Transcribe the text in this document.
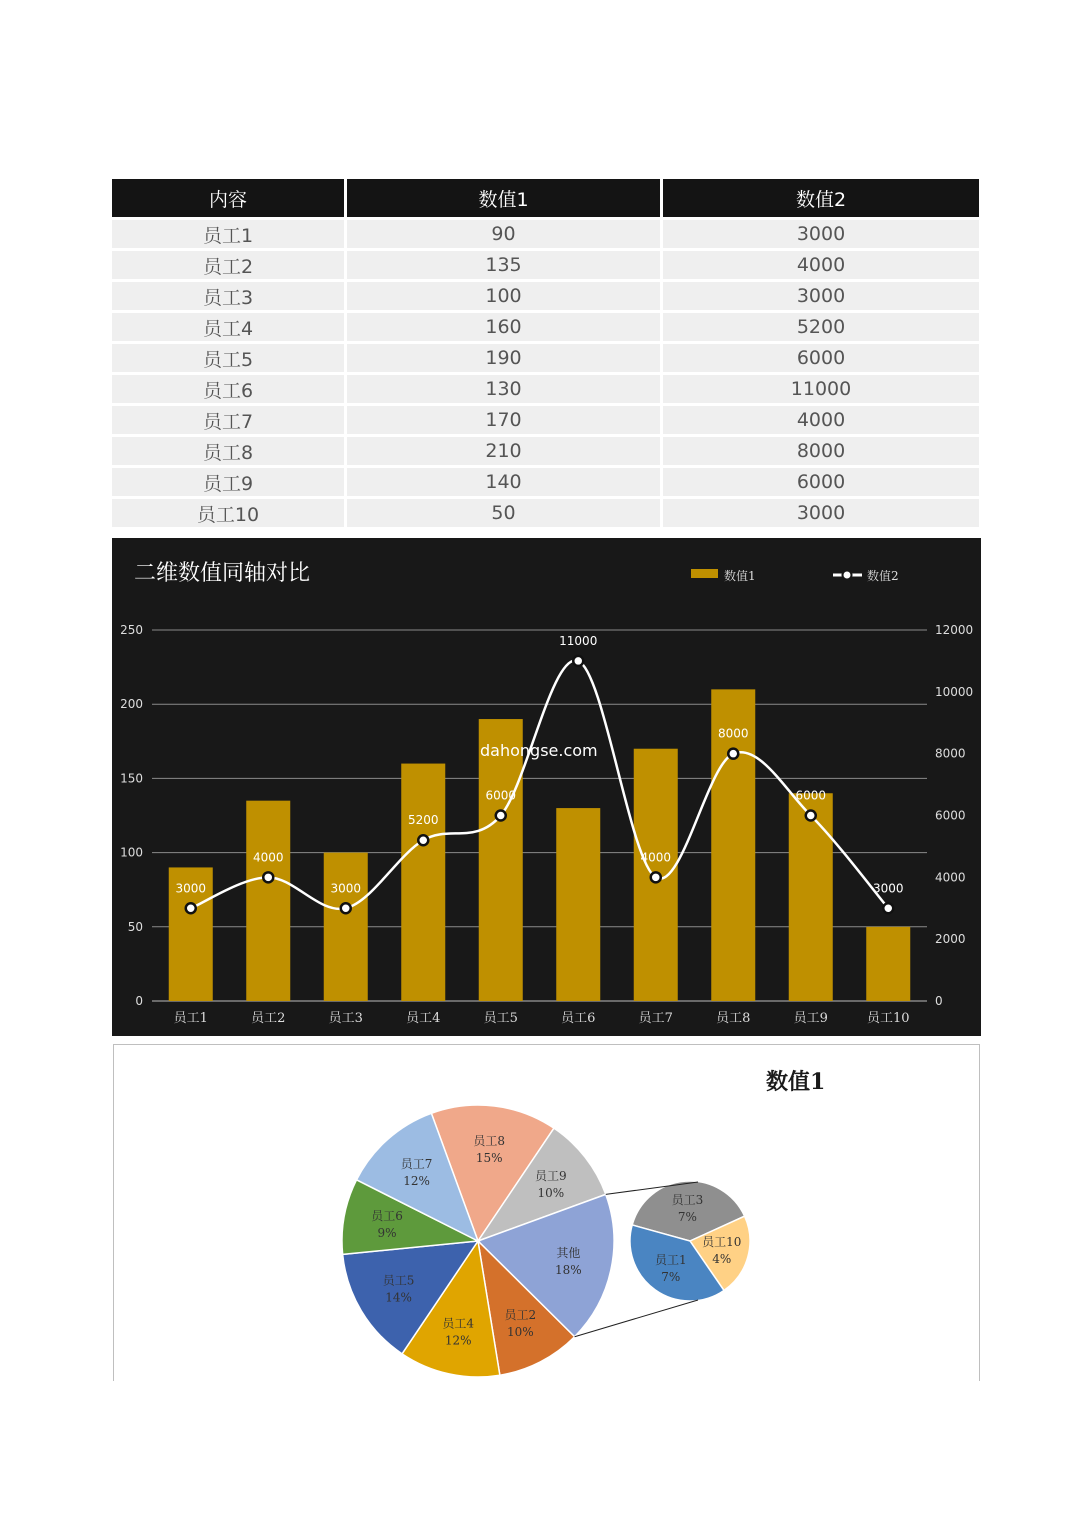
内容	数值1	数值2
员工1	90	3000
员工2	135	4000
员工3	100	3000
员工4	160	5200
员工5	190	6000
员工6	130	11000
员工7	170	4000
员工8	210	8000
员工9	140	6000
员工10	50	3000
二维数值同轴对比	数值1	数值2
3000
4000
3000
5200
6000
11000
4000
8000
6000
3000
0
50
100
150
200
250
0
2000
4000
6000
8000
10000
12000
员工1	员工2	员工3	员工4	员工5	员工6	员工7	员工8	员工9	员工10
dahongse.com
数值1
员工8
15%
员工9
10%
其他
18%
员工2
10%
员工4
12%
员工5
14%
员工6
9%
员工7
12%
员工3
7%
员工10
4%
员工1
7%
